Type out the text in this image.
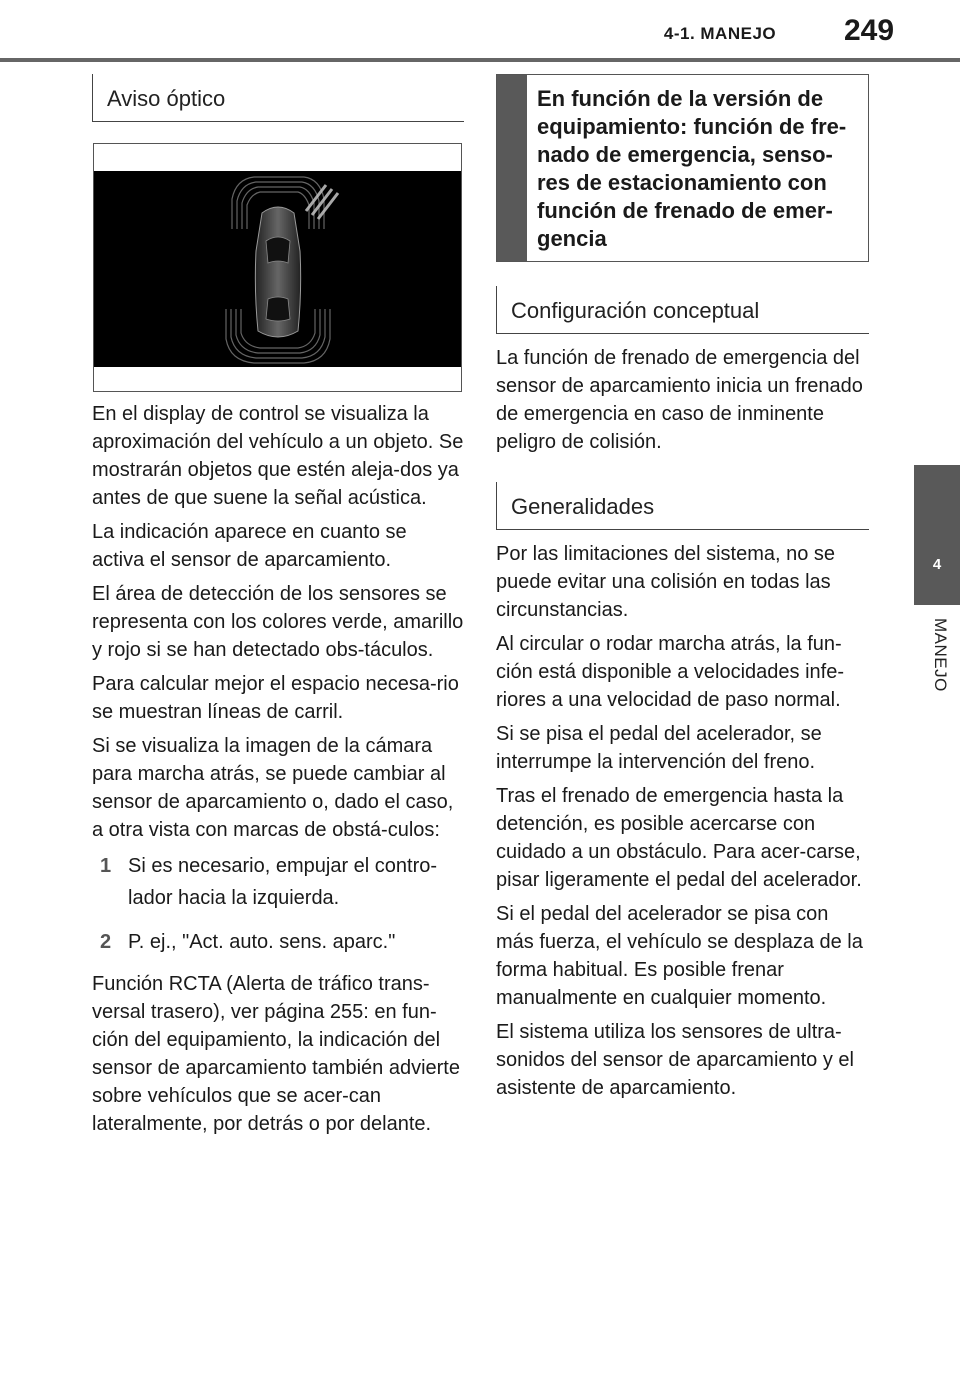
4-1. MANEJO	249
4
MANEJO
Aviso óptico

En el display de control se visualiza la aproximación del vehículo a un objeto. Se mostrarán objetos que estén aleja-dos ya antes de que suene la señal acústica.

La indicación aparece en cuanto se activa el sensor de aparcamiento.

El área de detección de los sensores se representa con los colores verde, amarillo y rojo si se han detectado obs-táculos.

Para calcular mejor el espacio necesa-rio se muestran líneas de carril.

Si se visualiza la imagen de la cámara para marcha atrás, se puede cambiar al sensor de aparcamiento o, dado el caso, a otra vista con marcas de obstá-culos:

1 Si es necesario, empujar el contro-lador hacia la izquierda.
2 P. ej., "Act. auto. sens. aparc."

Función RCTA (Alerta de tráfico trans-versal trasero), ver página 255: en fun-ción del equipamiento, la indicación del sensor de aparcamiento también advierte sobre vehículos que se acer-can lateralmente, por detrás o por delante.

En función de la versión de equipamiento: función de fre-nado de emergencia, senso-res de estacionamiento con función de frenado de emer-gencia
Configuración conceptual

La función de frenado de emergencia del sensor de aparcamiento inicia un frenado de emergencia en caso de inminente peligro de colisión.

Generalidades

Por las limitaciones del sistema, no se puede evitar una colisión en todas las circunstancias.

Al circular o rodar marcha atrás, la fun-ción está disponible a velocidades infe-riores a una velocidad de paso normal.

Si se pisa el pedal del acelerador, se interrumpe la intervención del freno.

Tras el frenado de emergencia hasta la detención, es posible acercarse con cuidado a un obstáculo. Para acer-carse, pisar ligeramente el pedal del acelerador.

Si el pedal del acelerador se pisa con más fuerza, el vehículo se desplaza de la forma habitual. Es posible frenar manualmente en cualquier momento.

El sistema utiliza los sensores de ultra-sonidos del sensor de aparcamiento y el asistente de aparcamiento.
